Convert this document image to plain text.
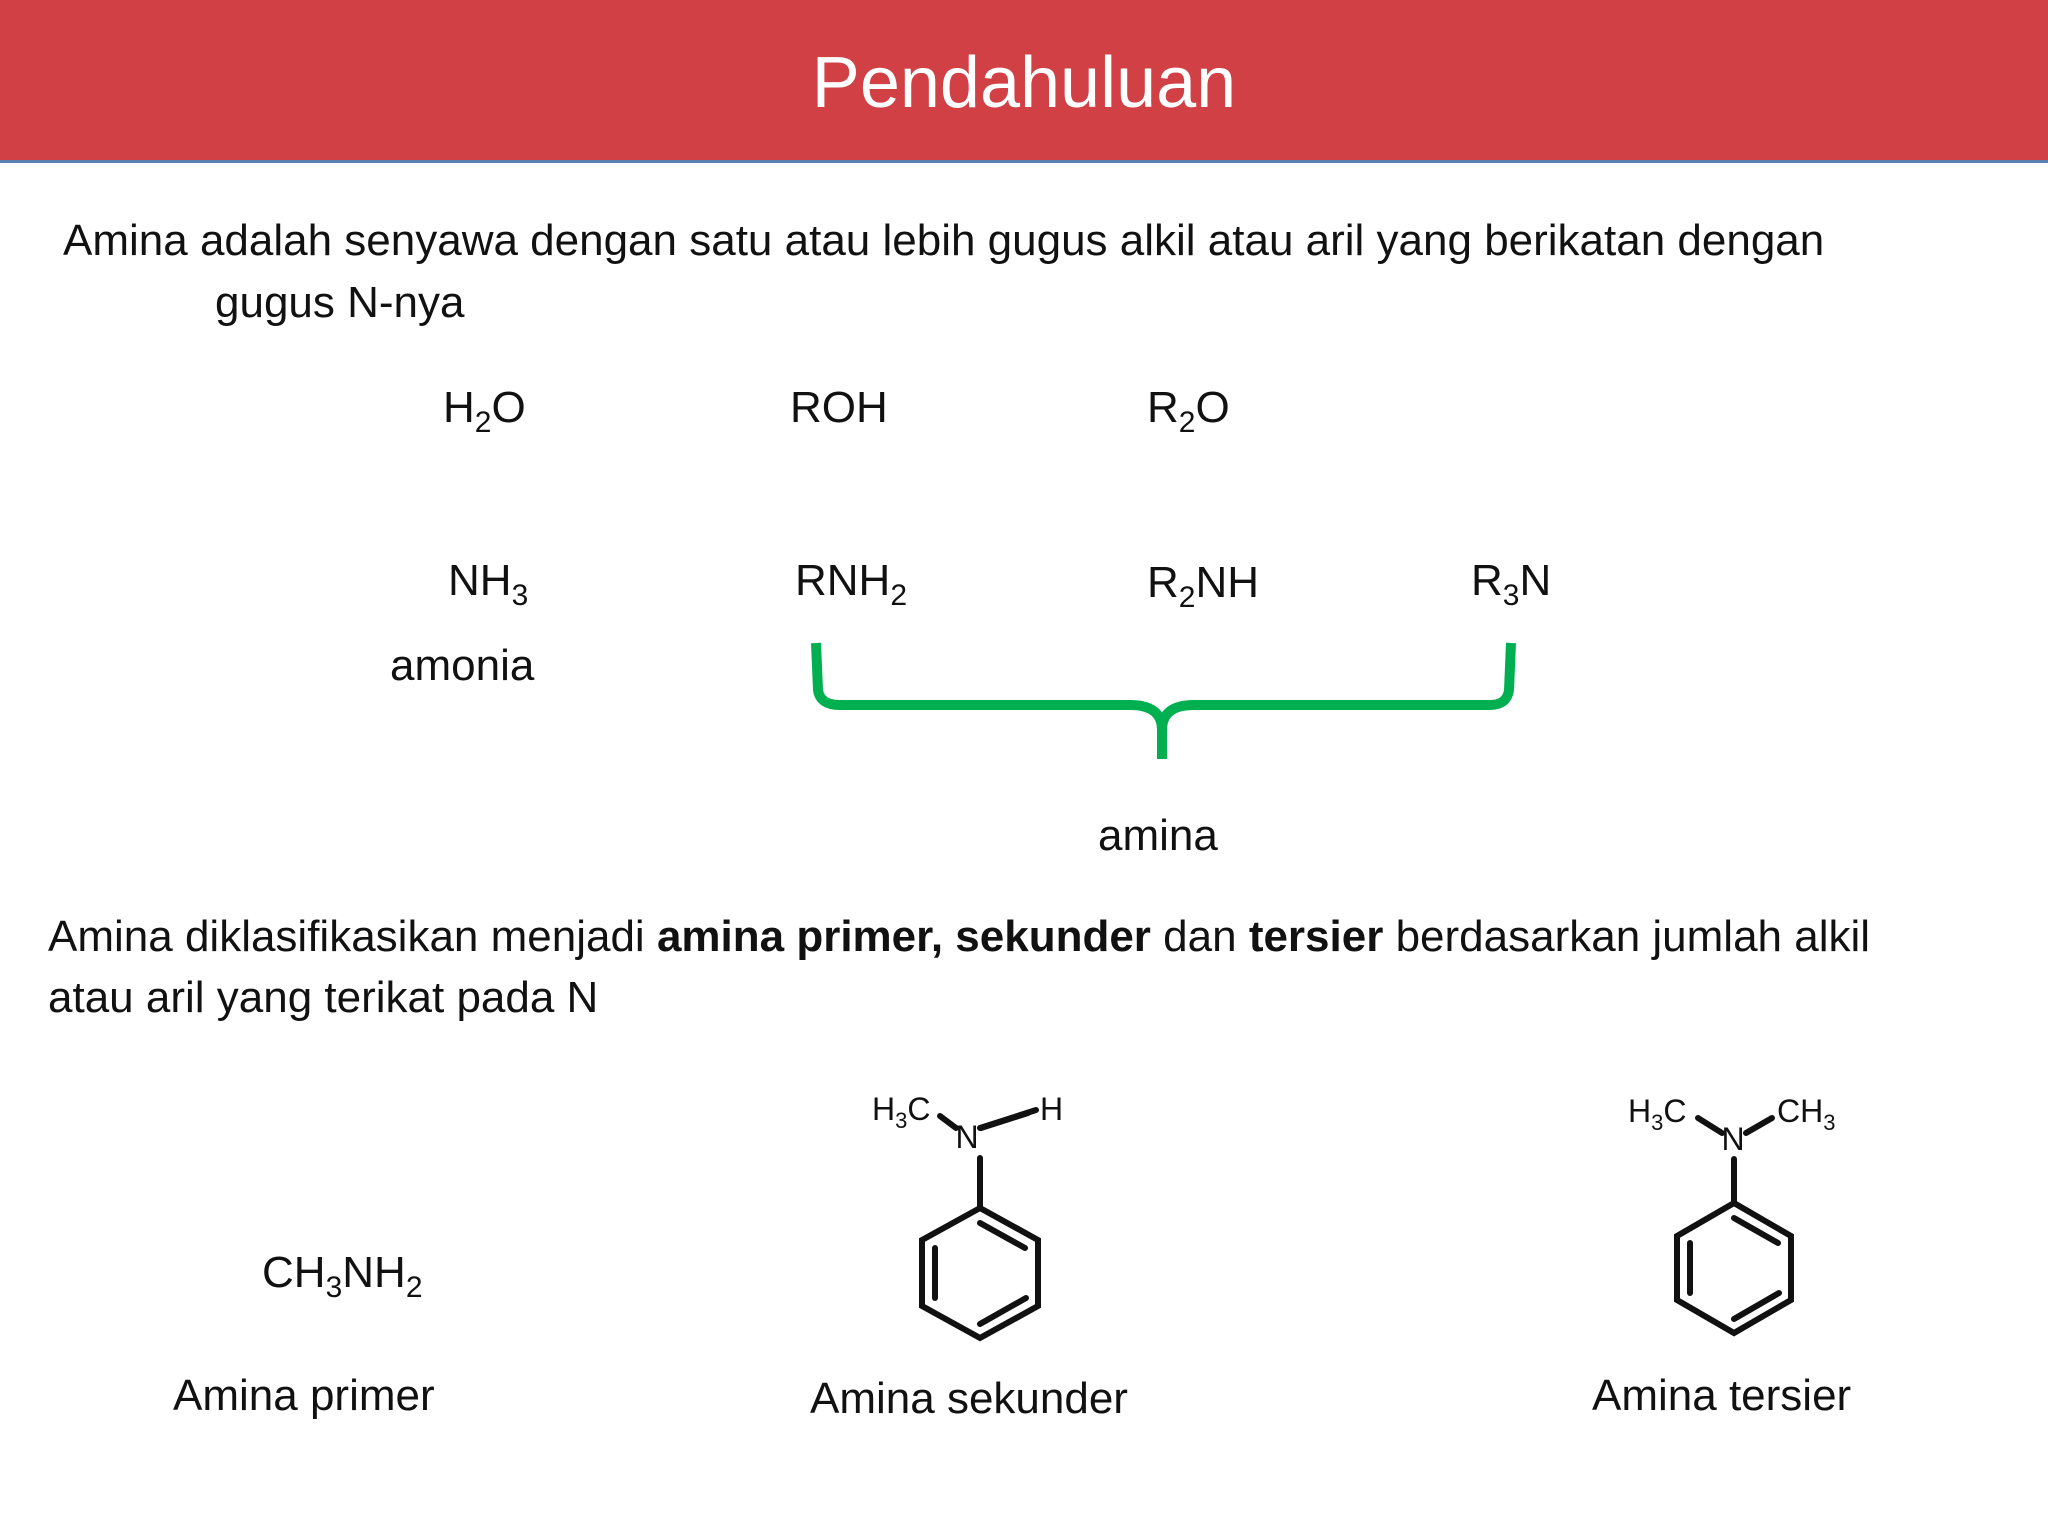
Pendahuluan
Amina adalah senyawa dengan satu atau lebih gugus alkil atau aril yang berikatan dengan
gugus N-nya
$H_2O$	ROH	$R_2O$
$NH_3$	$RNH_2$	$R_2NH$	$R_3N$
amonia
amina
Amina diklasifikasikan menjadi amina primer, sekunder dan tersier berdasarkan jumlah alkil
atau aril yang terikat pada N
$CH_3NH_2$
Amina primer
$H_3C$
N
H
Amina sekunder
$H_3C$
N
$CH_3$
Amina tersier
